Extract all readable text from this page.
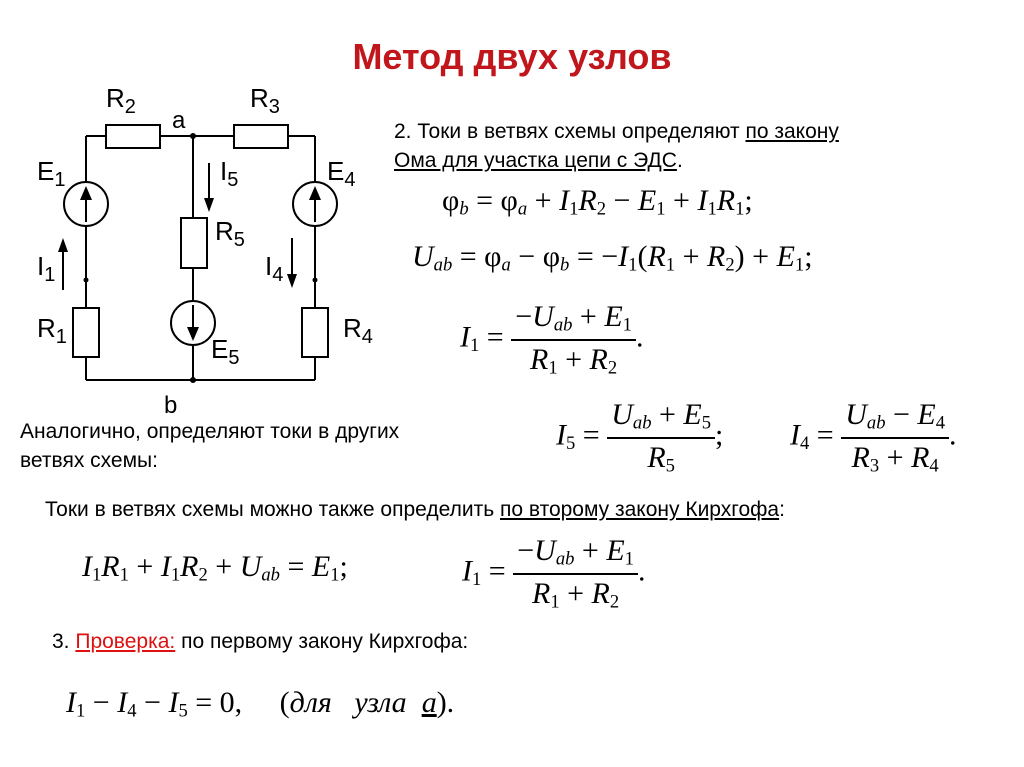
Метод двух узлов
$R_2$	$R_3$
a
$E_1$	$I_5$	$E_4$
$R_5$
$I_1$	$I_4$
$R_1$	$R_4$
$E_5$
b
2. Токи в ветвях схемы определяют по закону
Ома для участка цепи с ЭДС.
$\varphi_b = \varphi_a + I_1R_2 - E_1 + I_1R_1$;
$U_{ab} = \varphi_a - \varphi_b = -I_1(R_1 + R_2) + E_1$;
$I_1 = \frac{-U_{ab} + E_1}{R_1 + R_2}$ .
Аналогично, определяют токи в других
ветвях схемы:
$I_5 = \frac{U_{ab} + E_5}{R_5}$ ; $I_4 = \frac{U_{ab} - E_4}{R_3 + R_4}$ .
Токи в ветвях схемы можно также определить по второму закону Кирхгофа:
$I_1R_1 + I_1R_2 + U_{ab} = E_1$;	$I_1 = \frac{-U_{ab} + E_1}{R_1 + R_2}$ .
3. Проверка: по первому закону Кирхгофа:
$I_1 - I_4 - I_5 = 0$,     (для узла а).
